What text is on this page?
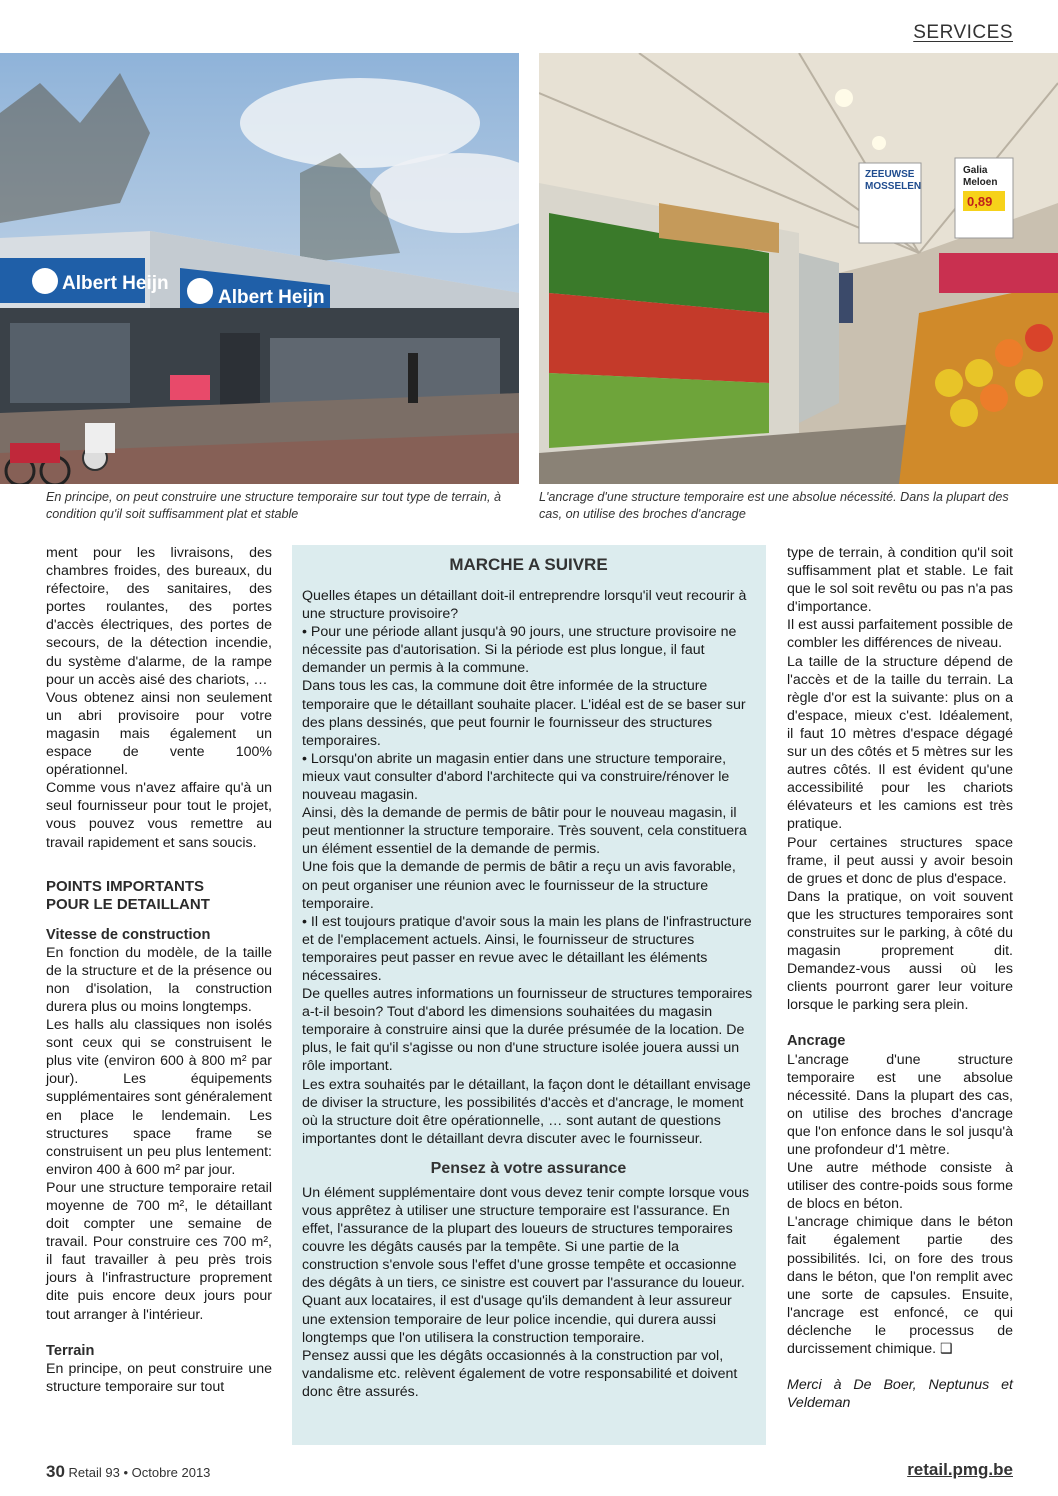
SERVICES
Albert Heijn
Albert Heijn
ZEEUWSE
MOSSELEN
Galia
Meloen
0,89
En principe, on peut construire une structure temporaire sur tout type de terrain, à condition qu'il soit suffisamment plat et stable
L'ancrage d'une structure temporaire est une absolue nécessité. Dans la plupart des cas, on utilise des broches d'ancrage

ment pour les livraisons, des chambres froides, des bureaux, du réfectoire, des sanitaires, des portes roulantes, des portes d'accès électriques, des portes de secours, de la détection incendie, du système d'alarme, de la rampe pour un accès aisé des chariots, …

Vous obtenez ainsi non seulement un abri provisoire pour votre magasin mais également un espace de vente 100% opérationnel.

Comme vous n'avez affaire qu'à un seul fournisseur pour tout le projet, vous pouvez vous remettre au travail rapidement et sans soucis.

POINTS IMPORTANTS
POUR LE DETAILLANT
Vitesse de construction

En fonction du modèle, de la taille de la structure et de la présence ou non d'isolation, la construction durera plus ou moins longtemps.

Les halls alu classiques non isolés sont ceux qui se construisent le plus vite (environ 600 à 800 m² par jour). Les équipements supplémentaires sont généralement en place le lendemain. Les structures space frame se construisent un peu plus lentement: environ 400 à 600 m² par jour.

Pour une structure temporaire retail moyenne de 700 m², le détaillant doit compter une semaine de travail. Pour construire ces 700 m², il faut travailler à peu près trois jours à l'infrastructure proprement dite puis encore deux jours pour tout arranger à l'intérieur.

Terrain

En principe, on peut construire une structure temporaire sur tout

MARCHE A SUIVRE

Quelles étapes un détaillant doit-il entreprendre lorsqu'il veut recourir à une structure provisoire?

• Pour une période allant jusqu'à 90 jours, une structure provisoire ne nécessite pas d'autorisation. Si la période est plus longue, il faut demander un permis à la commune.

Dans tous les cas, la commune doit être informée de la structure temporaire que le détaillant souhaite placer. L'idéal est de se baser sur des plans dessinés, que peut fournir le fournisseur des structures temporaires.

• Lorsqu'on abrite un magasin entier dans une structure temporaire, mieux vaut consulter d'abord l'architecte qui va construire/rénover le nouveau magasin.

Ainsi, dès la demande de permis de bâtir pour le nouveau magasin, il peut mentionner la structure temporaire. Très souvent, cela constituera un élément essentiel de la demande de permis.

Une fois que la demande de permis de bâtir a reçu un avis favorable, on peut organiser une réunion avec le fournisseur de la structure temporaire.

• Il est toujours pratique d'avoir sous la main les plans de l'infrastructure et de l'emplacement actuels. Ainsi, le fournisseur de structures temporaires peut passer en revue avec le détaillant les éléments nécessaires.

De quelles autres informations un fournisseur de structures temporaires a-t-il besoin? Tout d'abord les dimensions souhaitées du magasin temporaire à construire ainsi que la durée présumée de la location. De plus, le fait qu'il s'agisse ou non d'une structure isolée jouera aussi un rôle important.

Les extra souhaités par le détaillant, la façon dont le détaillant envisage de diviser la structure, les possibilités d'accès et d'ancrage, le moment où la structure doit être opérationnelle, … sont autant de questions importantes dont le détaillant devra discuter avec le fournisseur.

Pensez à votre assurance

Un élément supplémentaire dont vous devez tenir compte lorsque vous vous apprêtez à utiliser une structure temporaire est l'assurance. En effet, l'assurance de la plupart des loueurs de structures temporaires couvre les dégâts causés par la tempête. Si une partie de la construction s'envole sous l'effet d'une grosse tempête et occasionne des dégâts à un tiers, ce sinistre est couvert par l'assurance du loueur. Quant aux locataires, il est d'usage qu'ils demandent à leur assureur une extension temporaire de leur police incendie, qui durera aussi longtemps que l'on utilisera la construction temporaire.

Pensez aussi que les dégâts occasionnés à la construction par vol, vandalisme etc. relèvent également de votre responsabilité et doivent donc être assurés.

type de terrain, à condition qu'il soit suffisamment plat et stable. Le fait que le sol soit revêtu ou pas n'a pas d'importance.

Il est aussi parfaitement possible de combler les différences de niveau.

La taille de la structure dépend de l'accès et de la taille du terrain. La règle d'or est la suivante: plus on a d'espace, mieux c'est. Idéalement, il faut 10 mètres d'espace dégagé sur un des côtés et 5 mètres sur les autres côtés. Il est évident qu'une accessibilité pour les chariots élévateurs et les camions est très pratique.

Pour certaines structures space frame, il peut aussi y avoir besoin de grues et donc de plus d'espace.

Dans la pratique, on voit souvent que les structures temporaires sont construites sur le parking, à côté du magasin proprement dit. Demandez-vous aussi où les clients pourront garer leur voiture lorsque le parking sera plein.

Ancrage

L'ancrage d'une structure temporaire est une absolue nécessité. Dans la plupart des cas, on utilise des broches d'ancrage que l'on enfonce dans le sol jusqu'à une profondeur d'1 mètre.

Une autre méthode consiste à utiliser des contre-poids sous forme de blocs en béton.

L'ancrage chimique dans le béton fait également partie des possibilités. Ici, on fore des trous dans le béton, que l'on remplit avec une sorte de capsules. Ensuite, l'ancrage est enfoncé, ce qui déclenche le processus de durcissement chimique. ❑

Merci à De Boer, Neptunus et Veldeman

30 Retail 93 • Octobre 2013	retail.pmg.be
